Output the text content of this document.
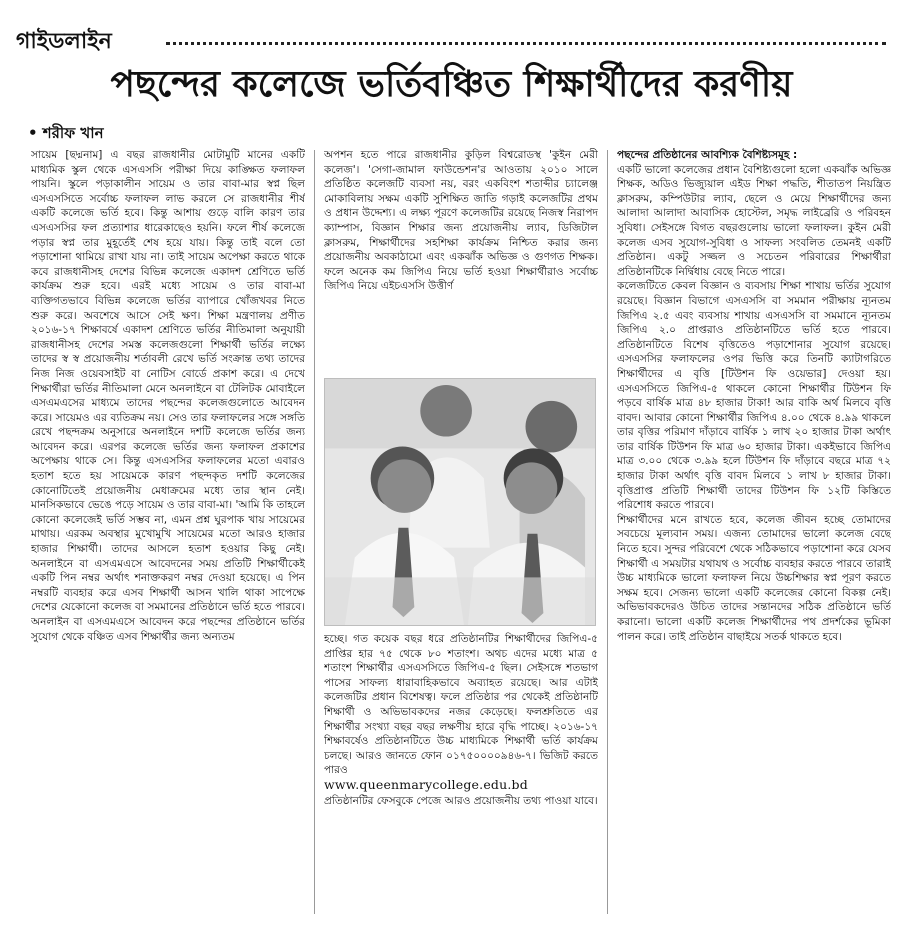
গাইডলাইন
পছন্দের কলেজে ভর্তিবঞ্চিত শিক্ষার্থীদের করণীয়
• শরীফ খান

সায়েম [ছদ্মনাম] এ বছর রাজধানীর মোটামুটি মানের একটি মাধ্যমিক স্কুল থেকে এসএসসি পরীক্ষা দিয়ে কাঙ্ক্ষিত ফলাফল পায়নি। স্কুলে পড়াকালীন সায়েম ও তার বাবা-মার স্বপ্ন ছিল এসএসসিতে সর্বোচ্চ ফলাফল লাভ করলে সে রাজধানীর শীর্ষ একটি কলেজে ভর্তি হবে। কিন্তু আশায় গুড়ে বালি কারণ তার এসএসসির ফল প্রত্যাশার ধারেকাছেও হয়নি। ফলে শীর্ষ কলেজে পড়ার স্বপ্ন তার মুহূর্তেই শেষ হয়ে যায়। কিন্তু তাই বলে তো পড়াশোনা থামিয়ে রাখা যায় না। তাই সায়েম অপেক্ষা করতে থাকে কবে রাজধানীসহ দেশের বিভিন্ন কলেজে একাদশ শ্রেণিতে ভর্তি কার্যক্রম শুরু হবে। এরই মধ্যে সায়েম ও তার বাবা-মা ব্যক্তিগতভাবে বিভিন্ন কলেজে ভর্তির ব্যাপারে খোঁজখবর নিতে শুরু করে। অবশেষে আসে সেই ক্ষণ। শিক্ষা মন্ত্রণালয় প্রণীত ২০১৬-১৭ শিক্ষাবর্ষে একাদশ শ্রেণিতে ভর্তির নীতিমালা অনুযায়ী রাজধানীসহ দেশের সমস্ত কলেজগুলো শিক্ষার্থী ভর্তির লক্ষ্যে তাদের স্ব স্ব প্রয়োজনীয় শর্তাবলী রেখে ভর্তি সংক্রান্ত তথ্য তাদের নিজ নিজ ওয়েবসাইট বা নোটিস বোর্ডে প্রকাশ করে। এ দেখে শিক্ষার্থীরা ভর্তির নীতিমালা মেনে অনলাইনে বা টেলিটক মোবাইলে এসএমএসের মাধ্যমে তাদের পছন্দের কলেজগুলোতে আবেদন করে। সায়েমও এর ব্যতিক্রম নয়। সেও তার ফলাফলের সঙ্গে সঙ্গতি রেখে পছন্দক্রম অনুসারে অনলাইনে দশটি কলেজে ভর্তির জন্য আবেদন করে। এরপর কলেজে ভর্তির জন্য ফলাফল প্রকাশের অপেক্ষায় থাকে সে। কিন্তু এসএসসির ফলাফলের মতো এবারও হতাশ হতে হয় সায়েমকে কারণ পছন্দকৃত দশটি কলেজের কোনোটিতেই প্রয়োজনীয় মেধাক্রমের মধ্যে তার স্থান নেই। মানসিকভাবে ভেঙে পড়ে সায়েম ও তার বাবা-মা। 'আমি কি তাহলে কোনো কলেজেই ভর্তি সম্ভব না, এমন প্রশ্ন ঘুরপাক খায় সায়েমের মাথায়। এরকম অবস্থার মুখোমুখি সায়েমের মতো আরও হাজার হাজার শিক্ষার্থী। তাদের আসলে হতাশ হওয়ার কিছু নেই। অনলাইনে বা এসএমএসে আবেদনের সময় প্রতিটি শিক্ষার্থীকেই একটি পিন নম্বর অর্থাৎ শনাক্তকরণ নম্বর দেওয়া হয়েছে। এ পিন নম্বরটি ব্যবহার করে এসব শিক্ষার্থী আসন খালি থাকা সাপেক্ষে দেশের যেকোনো কলেজ বা সমমানের প্রতিষ্ঠানে ভর্তি হতে পারবে। অনলাইন বা এসএমএসে আবেদন করে পছন্দের প্রতিষ্ঠানে ভর্তির সুযোগ থেকে বঞ্চিত এসব শিক্ষার্থীর জন্য অন্যতম

অপশন হতে পারে রাজধানীর কুড়িল বিশ্বরোডস্থ 'কুইন মেরী কলেজ'। 'সেগা-জামাল ফাউন্ডেশন'র আওতায় ২০১০ সালে প্রতিষ্ঠিত কলেজটি ব্যবসা নয়, বরং একবিংশ শতাব্দীর চ্যালেঞ্জ মোকাবিলায় সক্ষম একটি সুশিক্ষিত জাতি গড়াই কলেজটির প্রথম ও প্রধান উদ্দেশ্য। এ লক্ষ্য পূরণে কলেজটির রয়েছে নিজস্ব নিরাপদ ক্যাম্পাস, বিজ্ঞান শিক্ষার জন্য প্রয়োজনীয় ল্যাব, ডিজিটাল ক্লাসরুম, শিক্ষার্থীদের সহশিক্ষা কার্যক্রম নিশ্চিত করার জন্য প্রয়োজনীয় অবকাঠামো এবং একঝাঁক অভিজ্ঞ ও গুণগত শিক্ষক। ফলে অনেক কম জিপিএ নিয়ে ভর্তি হওয়া শিক্ষার্থীরাও সর্বোচ্চ জিপিএ নিয়ে এইচএসসি উত্তীর্ণ

হচ্ছে। গত কয়েক বছর ধরে প্রতিষ্ঠানটির শিক্ষার্থীদের জিপিএ-৫ প্রাপ্তির হার ৭৫ থেকে ৮০ শতাংশ। অথচ এদের মধ্যে মাত্র ৫ শতাংশ শিক্ষার্থীর এসএসসিতে জিপিএ-৫ ছিল। সেইসঙ্গে শতভাগ পাসের সাফল্য ধারাবাহিকভাবে অব্যাহত রয়েছে। আর এটাই কলেজটির প্রধান বিশেষত্ব। ফলে প্রতিষ্ঠার পর থেকেই প্রতিষ্ঠানটি শিক্ষার্থী ও অভিভাবকদের নজর কেড়েছে। ফলশ্রুতিতে এর শিক্ষার্থীর সংখ্যা বছর বছর লক্ষণীয় হারে বৃদ্ধি পাচ্ছে। ২০১৬-১৭ শিক্ষাবর্ষেও প্রতিষ্ঠানটিতে উচ্চ মাধ্যমিকে শিক্ষার্থী ভর্তি কার্যক্রম চলছে। আরও জানতে ফোন ০১৭৫০০০০৯৪৬-৭। ভিজিট করতে পারও

www.queenmarycollege.edu.bd

প্রতিষ্ঠানটির ফেসবুকে পেজে আরও প্রয়োজনীয় তথ্য পাওয়া যাবে।

পছন্দের প্রতিষ্ঠানের আবশ্যিক বৈশিষ্ট্যসমূহ :

একটি ভালো কলেজের প্রধান বৈশিষ্ট্যগুলো হলো একঝাঁক অভিজ্ঞ শিক্ষক, অডিও ভিজ্যুয়াল এইড শিক্ষা পদ্ধতি, শীতাতপ নিয়ন্ত্রিত ক্লাসরুম, কম্পিউটার ল্যাব, ছেলে ও মেয়ে শিক্ষার্থীদের জন্য আলাদা আলাদা আবাসিক হোস্টেল, সমৃদ্ধ লাইব্রেরি ও পরিবহন সুবিধা। সেইসঙ্গে বিগত বছরগুলোয় ভালো ফলাফল। কুইন মেরী কলেজ এসব সুযোগ-সুবিধা ও সাফল্য সংবলিত তেমনই একটি প্রতিষ্ঠান। একটু সজ্জল ও সচেতন পরিবারের শিক্ষার্থীরা প্রতিষ্ঠানটিকে নির্দ্বিধায় বেছে নিতে পারে।

কলেজটিতে কেবল বিজ্ঞান ও ব্যবসায় শিক্ষা শাখায় ভর্তির সুযোগ রয়েছে। বিজ্ঞান বিভাগে এসএসসি বা সমমান পরীক্ষায় ন্যূনতম জিপিএ ২.৫ এবং ব্যবসায় শাখায় এসএসসি বা সমমানে ন্যূনতম জিপিএ ২.০ প্রাপ্তরাও প্রতিষ্ঠানটিতে ভর্তি হতে পারবে। প্রতিষ্ঠানটিতে বিশেষ বৃত্তিতেও পড়াশোনার সুযোগ রয়েছে। এসএসসির ফলাফলের ওপর ভিত্তি করে তিনটি ক্যাটাগরিতে শিক্ষার্থীদের এ বৃত্তি [টিউশন ফি ওয়েভার] দেওয়া হয়। এসএসসিতে জিপিএ-৫ থাকলে কোনো শিক্ষার্থীর টিউশন ফি পড়বে বার্ষিক মাত্র ৪৮ হাজার টাকা! আর বাকি অর্থ মিলবে বৃত্তি বাবদ। আবার কোনো শিক্ষার্থীর জিপিএ ৪.০০ থেকে ৪.৯৯ থাকলে তার বৃত্তির পরিমাণ দাঁড়াবে বার্ষিক ১ লাখ ২০ হাজার টাকা অর্থাৎ তার বার্ষিক টিউশন ফি মাত্র ৬০ হাজার টাকা। একইভাবে জিপিএ মাত্র ৩.০০ থেকে ৩.৯৯ হলে টিউশন ফি দাঁড়াবে বছরে মাত্র ৭২ হাজার টাকা অর্থাৎ বৃত্তি বাবদ মিলবে ১ লাখ ৮ হাজার টাকা। বৃত্তিপ্রাপ্ত প্রতিটি শিক্ষার্থী তাদের টিউশন ফি ১২টি কিস্তিতে পরিশোধ করতে পারবে।

শিক্ষার্থীদের মনে রাখতে হবে, কলেজ জীবন হচ্ছে তোমাদের সবচেয়ে মূল্যবান সময়। এজন্য তোমাদের ভালো কলেজ বেছে নিতে হবে। সুন্দর পরিবেশে থেকে সঠিকভাবে পড়াশোনা করে যেসব শিক্ষার্থী এ সময়টার যথাযথ ও সর্বোচ্চ ব্যবহার করতে পারবে তারাই উচ্চ মাধ্যমিকে ভালো ফলাফল নিয়ে উচ্চশিক্ষার স্বপ্ন পূরণ করতে সক্ষম হবে। সেজন্য ভালো একটি কলেজের কোনো বিকল্প নেই। অভিভাবকদেরও উচিত তাদের সন্তানদের সঠিক প্রতিষ্ঠানে ভর্তি করানো। ভালো একটি কলেজ শিক্ষার্থীদের পথ প্রদর্শকের ভূমিকা পালন করে। তাই প্রতিষ্ঠান বাছাইয়ে সতর্ক থাকতে হবে।
